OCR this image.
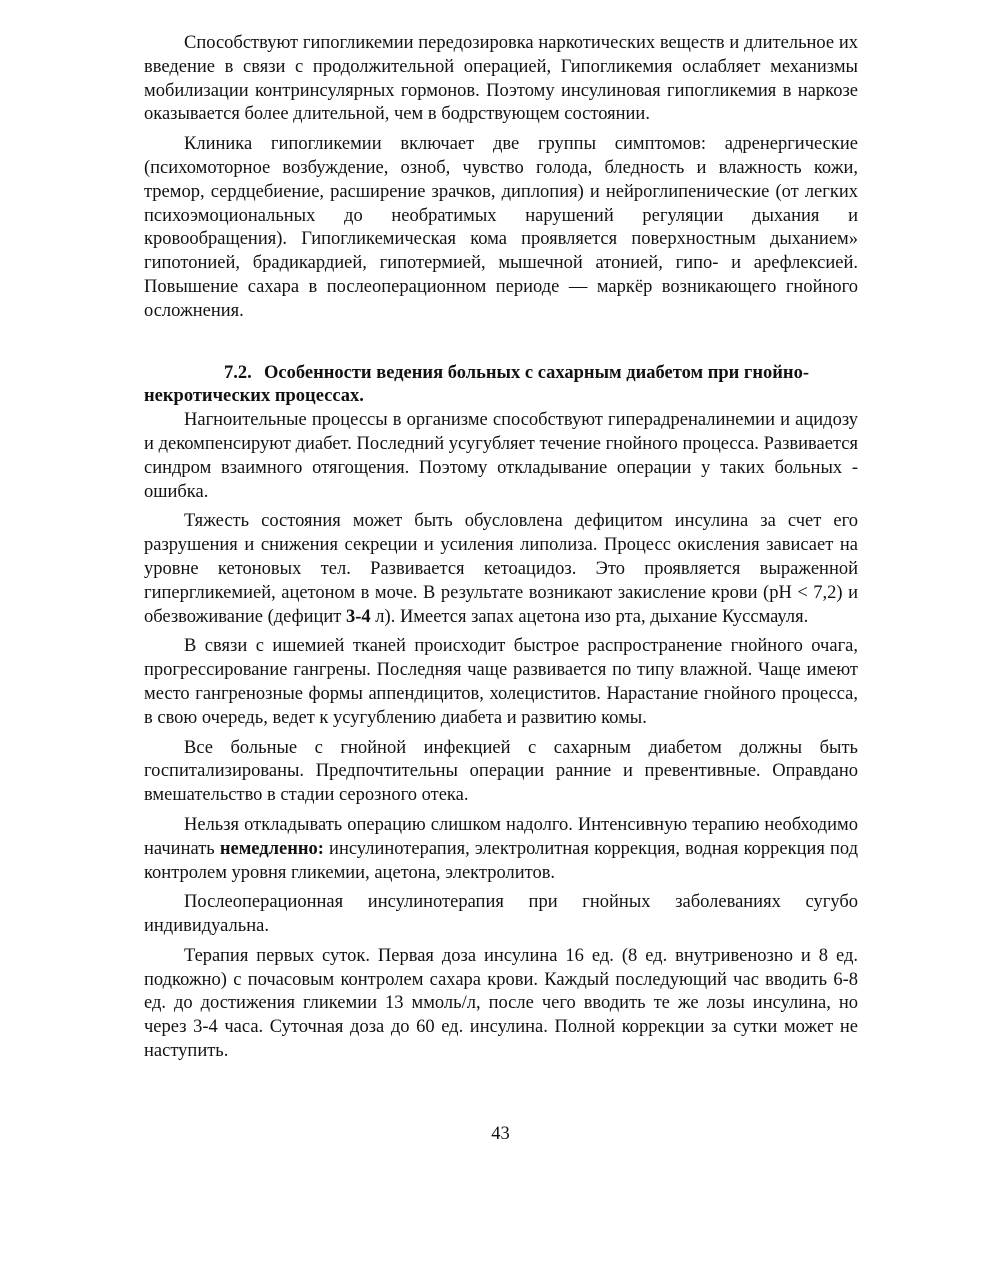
Способствуют гипогликемии передозировка наркотических веществ и длительное их введение в связи с продолжительной операцией, Гипогликемия ослабляет механизмы мобилизации контринсулярных гормонов. Поэтому инсулиновая гипогликемия в наркозе оказывается более длительной, чем в бодрствующем состоянии.

Клиника гипогликемии включает две группы симптомов: адренергические (психомоторное возбуждение, озноб, чувство голода, бледность и влажность кожи, тремор, сердцебиение, расширение зрачков, диплопия) и нейроглипенические (от легких психоэмоциональных до необратимых нарушений регуляции дыхания и кровообращения). Гипогликемическая кома проявляется поверхностным дыханием» гипотонией, брадикардией, гипотермией, мышечной атонией, гипо- и арефлексией. Повышение сахара в послеоперационном периоде — маркёр возникающего гнойного осложнения.

7.2. Особенности ведения больных с сахарным диабетом при гнойно-некротических процессах.

Нагноительные процессы в организме способствуют гиперадреналинемии и ацидозу и декомпенсируют диабет. Последний усугубляет течение гнойного процесса. Развивается синдром взаимного отягощения. Поэтому откладывание операции у таких больных - ошибка.

Тяжесть состояния может быть обусловлена дефицитом инсулина за счет его разрушения и снижения секреции и усиления липолиза. Процесс окисления зависает на уровне кетоновых тел. Развивается кетоацидоз. Это проявляется выраженной гипергликемией, ацетоном в моче. В результате возникают закисление крови (pH < 7,2) и обезвоживание (дефицит 3-4 л). Имеется запах ацетона изо рта, дыхание Куссмауля.

В связи с ишемией тканей происходит быстрое распространение гнойного очага, прогрессирование гангрены. Последняя чаще развивается по типу влажной. Чаще имеют место гангренозные формы аппендицитов, холециститов. Нарастание гнойного процесса, в свою очередь, ведет к усугублению диабета и развитию комы.

Все больные с гнойной инфекцией с сахарным диабетом должны быть госпитализированы. Предпочтительны операции ранние и превентивные. Оправдано вмешательство в стадии серозного отека.

Нельзя откладывать операцию слишком надолго. Интенсивную терапию необходимо начинать немедленно: инсулинотерапия, электролитная коррекция, водная коррекция под контролем уровня гликемии, ацетона, электролитов.

Послеоперационная инсулинотерапия при гнойных заболеваниях сугубо индивидуальна.

Терапия первых суток. Первая доза инсулина 16 ед. (8 ед. внутривенозно и 8 ед. подкожно) с почасовым контролем сахара крови. Каждый последующий час вводить 6-8 ед. до достижения гликемии 13 ммоль/л, после чего вводить те же лозы инсулина, но через 3-4 часа. Суточная доза до 60 ед. инсулина. Полной коррекции за сутки может не наступить.

43
